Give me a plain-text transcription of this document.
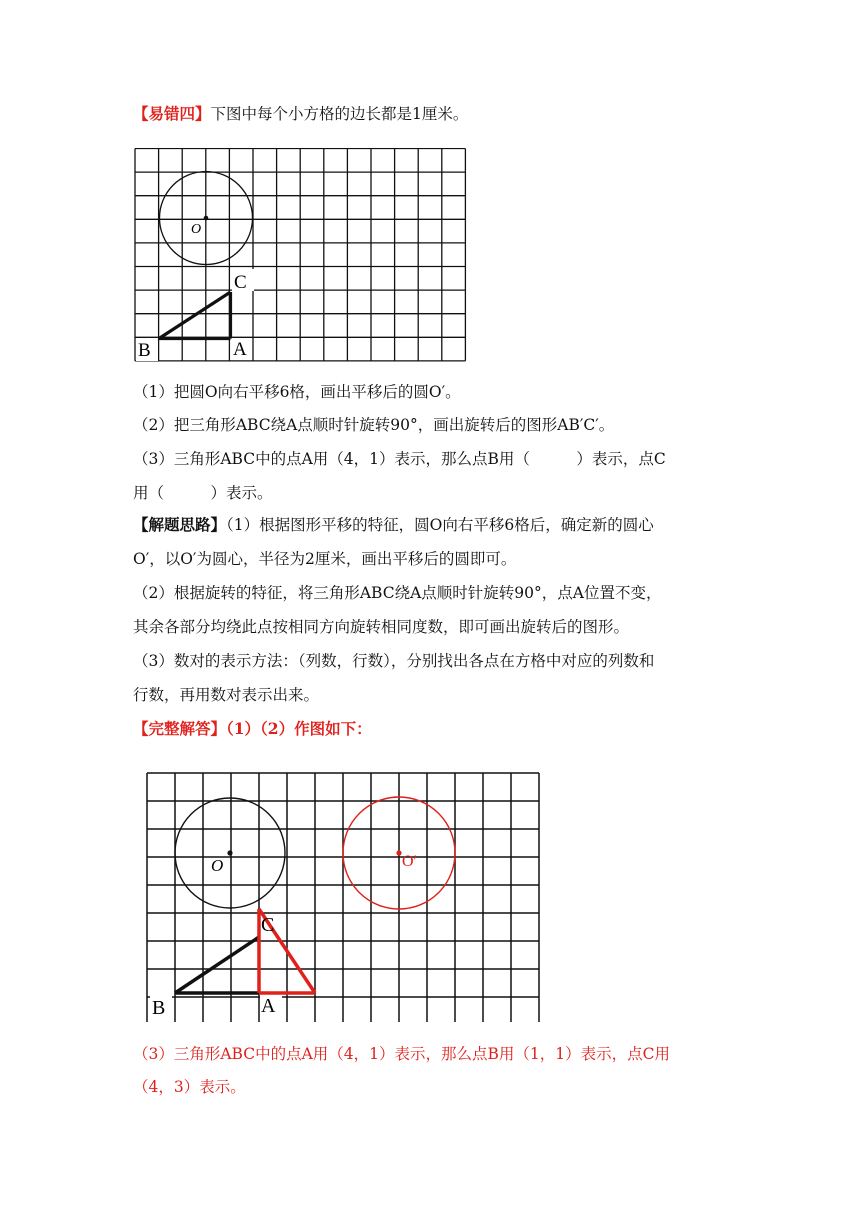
【易错四】下图中每个小方格的边长都是1厘米。

O
B	A
C

（1）把圆O向右平移6格，画出平移后的圆O′。

（2）把三角形ABC绕A点顺时针旋转90°，画出旋转后的图形AB′C′。

（3）三角形ABC中的点A用（4，1）表示，那么点B用（　　　）表示，点C

用（　　　）表示。

【解题思路】（1）根据图形平移的特征，圆O向右平移6格后，确定新的圆心

O′，以O′为圆心，半径为2厘米，画出平移后的圆即可。

（2）根据旋转的特征，将三角形ABC绕A点顺时针旋转90°，点A位置不变，

其余各部分均绕此点按相同方向旋转相同度数，即可画出旋转后的图形。

（3）数对的表示方法：（列数，行数），分别找出各点在方格中对应的列数和

行数，再用数对表示出来。

【完整解答】（1）（2）作图如下：

O	O′
B	A
C

（3）三角形ABC中的点A用（4，1）表示，那么点B用（1，1）表示，点C用

（4，3）表示。
